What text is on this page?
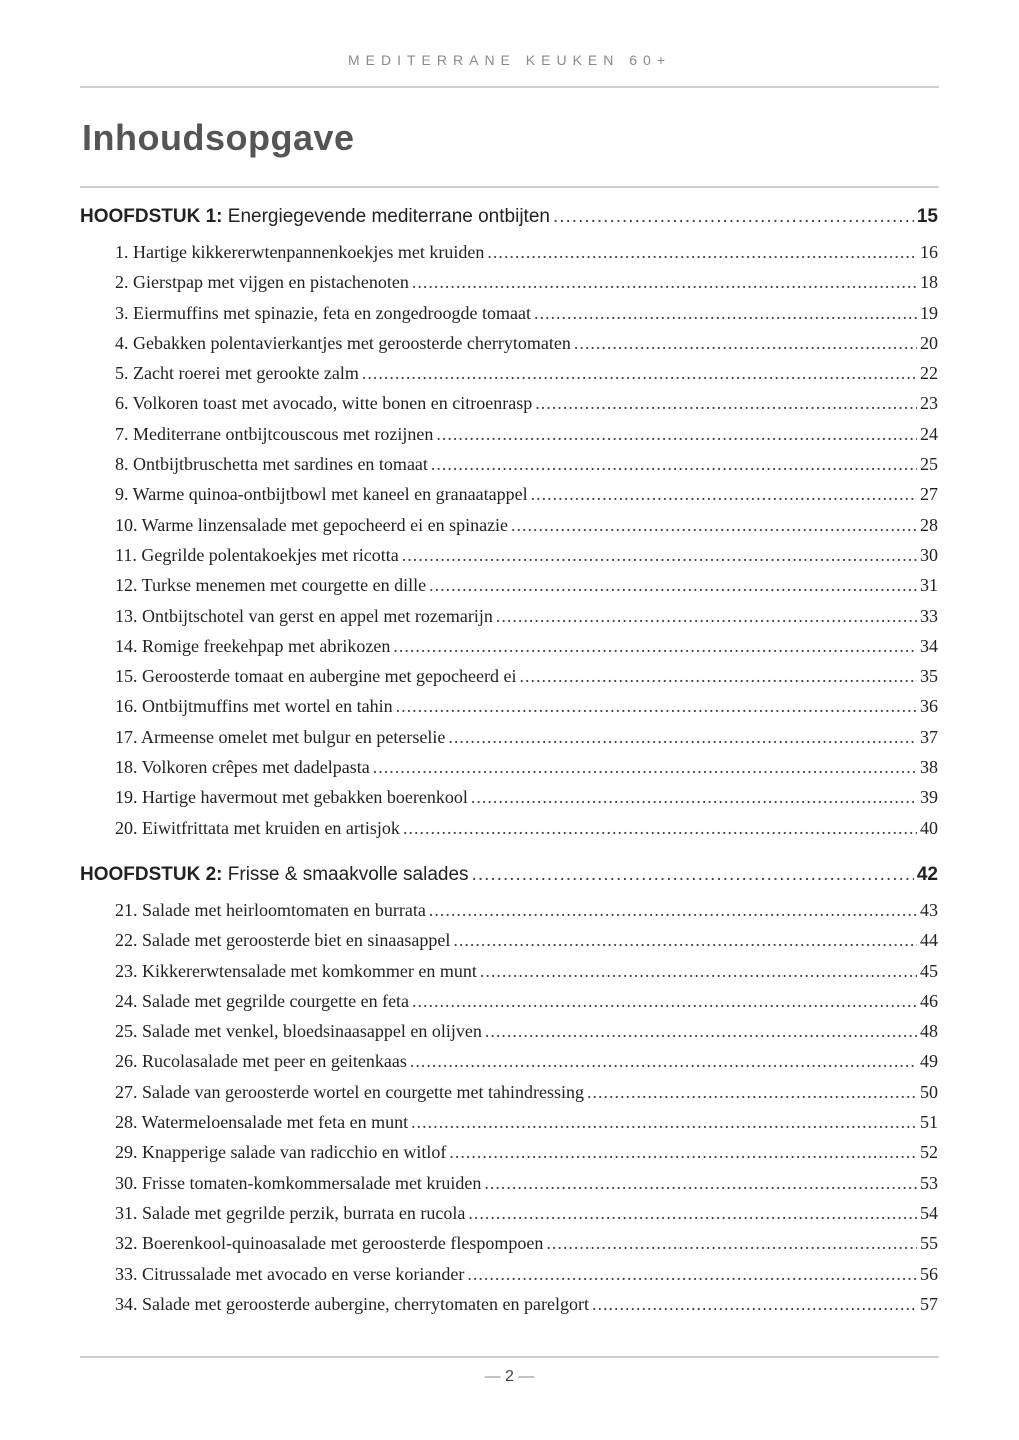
MEDITERRANE KEUKEN 60+
Inhoudsopgave
HOOFDSTUK 1: Energiegevende mediterrane ontbijten .....	15
1. Hartige kikkererwtenpannenkoekjes met kruiden .....	16
2. Gierstpap met vijgen en pistachenoten .....	18
3. Eiermuffins met spinazie, feta en zongedroogde tomaat .....	19
4. Gebakken polentavierkantjes met geroosterde cherrytomaten .....	20
5. Zacht roerei met gerookte zalm .....	22
6. Volkoren toast met avocado, witte bonen en citroenrasp .....	23
7. Mediterrane ontbijtcouscous met rozijnen .....	24
8. Ontbijtbruschetta met sardines en tomaat .....	25
9. Warme quinoa-ontbijtbowl met kaneel en granaatappel .....	27
10. Warme linzensalade met gepocheerd ei en spinazie .....	28
11. Gegrilde polentakoekjes met ricotta .....	30
12. Turkse menemen met courgette en dille .....	31
13. Ontbijtschotel van gerst en appel met rozemarijn .....	33
14. Romige freekehpap met abrikozen .....	34
15. Geroosterde tomaat en aubergine met gepocheerd ei .....	35
16. Ontbijtmuffins met wortel en tahin .....	36
17. Armeense omelet met bulgur en peterselie .....	37
18. Volkoren crêpes met dadelpasta .....	38
19. Hartige havermout met gebakken boerenkool .....	39
20. Eiwitfrittata met kruiden en artisjok .....	40
HOOFDSTUK 2: Frisse & smaakvolle salades .....	42
21. Salade met heirloomtomaten en burrata .....	43
22. Salade met geroosterde biet en sinaasappel .....	44
23. Kikkererwtensalade met komkommer en munt .....	45
24. Salade met gegrilde courgette en feta .....	46
25. Salade met venkel, bloedsinaasappel en olijven .....	48
26. Rucolasalade met peer en geitenkaas .....	49
27. Salade van geroosterde wortel en courgette met tahindressing .....	50
28. Watermeloensalade met feta en munt .....	51
29. Knapperige salade van radicchio en witlof .....	52
30. Frisse tomaten-komkommersalade met kruiden .....	53
31. Salade met gegrilde perzik, burrata en rucola .....	54
32. Boerenkool-quinoasalade met geroosterde flespompoen .....	55
33. Citrussalade met avocado en verse koriander .....	56
34. Salade met geroosterde aubergine, cherrytomaten en parelgort .....	57
— 2 —
